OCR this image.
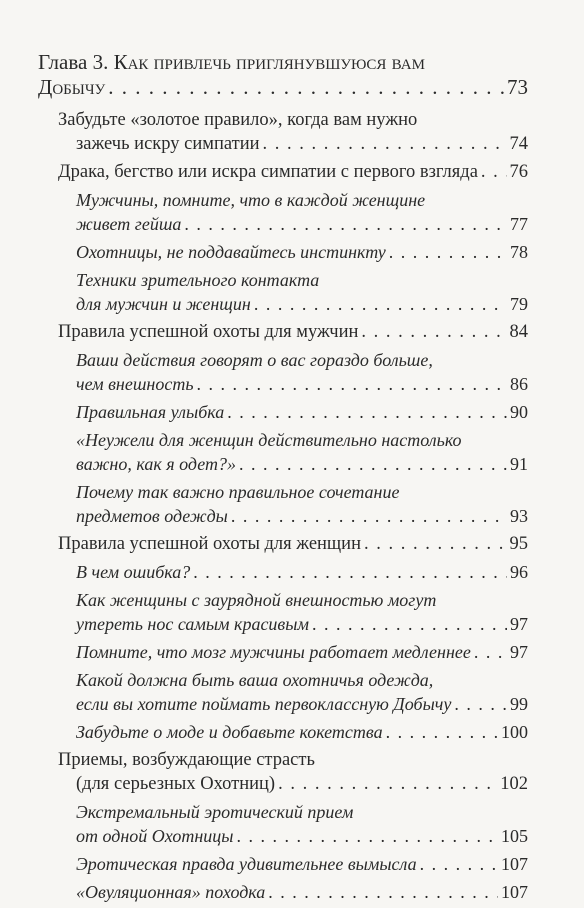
Глава 3. Как привлечь приглянувшуюся вам
Добычу . . .	73
Забудьте «золотое правило», когда вам нужно
зажечь искру симпатии . . .	74
Драка, бегство или искра симпатии с первого взгляда . . . 76
Мужчины, помните, что в каждой женщине
живет гейша . . .	77
Охотницы, не поддавайтесь инстинкту . . .	78
Техники зрительного контакта
для мужчин и женщин . . .	79
Правила успешной охоты для мужчин . . .	84
Ваши действия говорят о вас гораздо больше,
чем внешность . . .	86
Правильная улыбка . . .	90
«Неужели для женщин действительно настолько
важно, как я одет?» . . .	91
Почему так важно правильное сочетание
предметов одежды . . .	93
Правила успешной охоты для женщин . . .	95
В чем ошибка? . . .	96
Как женщины с заурядной внешностью могут
утереть нос самым красивым . . .	97
Помните, что мозг мужчины работает медленнее . . . 97
Какой должна быть ваша охотничья одежда,
если вы хотите поймать первоклассную Добычу . . .	99
Забудьте о моде и добавьте кокетства . . .	100
Приемы, возбуждающие страсть
(для серьезных Охотниц) . . .	102
Экстремальный эротический прием
от одной Охотницы . . .	105
Эротическая правда удивительнее вымысла . . .	107
«Овуляционная» походка . . .	107
